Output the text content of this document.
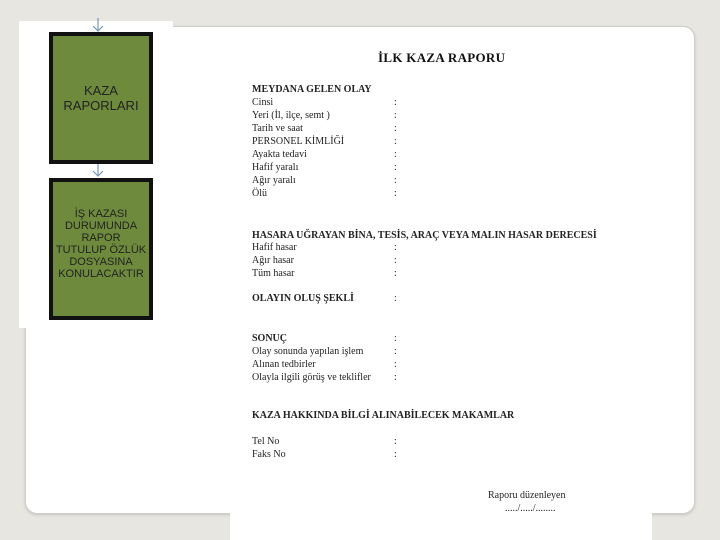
KAZA
RAPORLARI
İŞ KAZASI
DURUMUNDA
RAPOR
TUTULUP ÖZLÜK
DOSYASINA
KONULACAKTIR
İLK KAZA RAPORU
MEYDANA GELEN OLAY
Cinsi	:
Yeri (İl, ilçe, semt )	:
Tarih ve saat	:
PERSONEL KİMLİĞİ	:
Ayakta tedavi	:
Hafif yaralı	:
Ağır yaralı	:
Ölü	:
HASARA UĞRAYAN BİNA, TESİS, ARAÇ VEYA MALIN HASAR DERECESİ
Hafif hasar	:
Ağır hasar	:
Tüm hasar	:
OLAYIN OLUŞ ŞEKLİ	:
SONUÇ	:
Olay sonunda yapılan işlem	:
Alınan tedbirler	:
Olayla ilgili görüş ve teklifler :
KAZA HAKKINDA BİLGİ ALINABİLECEK MAKAMLAR
Tel No	:
Faks No	:
Raporu düzenleyen
...../...../........
